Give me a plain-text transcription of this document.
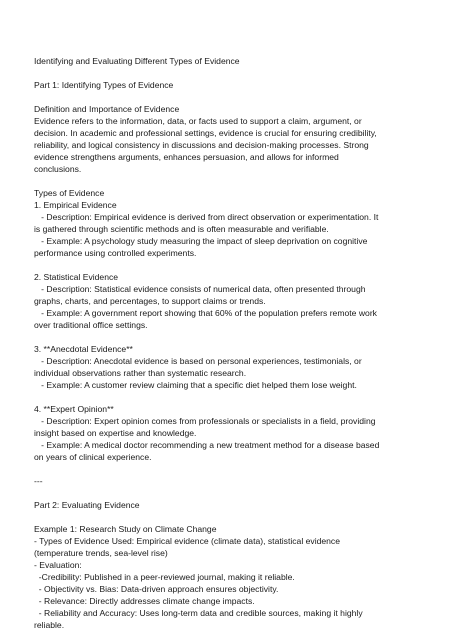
Identifying and Evaluating Different Types of Evidence

Part 1: Identifying Types of Evidence

Definition and Importance of Evidence

Evidence refers to the information, data, or facts used to support a claim, argument, or

decision. In academic and professional settings, evidence is crucial for ensuring credibility,

reliability, and logical consistency in discussions and decision-making processes. Strong

evidence strengthens arguments, enhances persuasion, and allows for informed

conclusions.

Types of Evidence

1. Empirical Evidence

- Description: Empirical evidence is derived from direct observation or experimentation. It

is gathered through scientific methods and is often measurable and verifiable.

- Example: A psychology study measuring the impact of sleep deprivation on cognitive

performance using controlled experiments.

2. Statistical Evidence

- Description: Statistical evidence consists of numerical data, often presented through

graphs, charts, and percentages, to support claims or trends.

- Example: A government report showing that 60% of the population prefers remote work

over traditional office settings.

3. **Anecdotal Evidence**

- Description: Anecdotal evidence is based on personal experiences, testimonials, or

individual observations rather than systematic research.

- Example: A customer review claiming that a specific diet helped them lose weight.

4. **Expert Opinion**

- Description: Expert opinion comes from professionals or specialists in a field, providing

insight based on expertise and knowledge.

- Example: A medical doctor recommending a new treatment method for a disease based

on years of clinical experience.

---

Part 2: Evaluating Evidence

Example 1: Research Study on Climate Change

- Types of Evidence Used: Empirical evidence (climate data), statistical evidence

(temperature trends, sea-level rise)

- Evaluation:

-Credibility: Published in a peer-reviewed journal, making it reliable.

- Objectivity vs. Bias: Data-driven approach ensures objectivity.

- Relevance: Directly addresses climate change impacts.

- Reliability and Accuracy: Uses long-term data and credible sources, making it highly

reliable.
